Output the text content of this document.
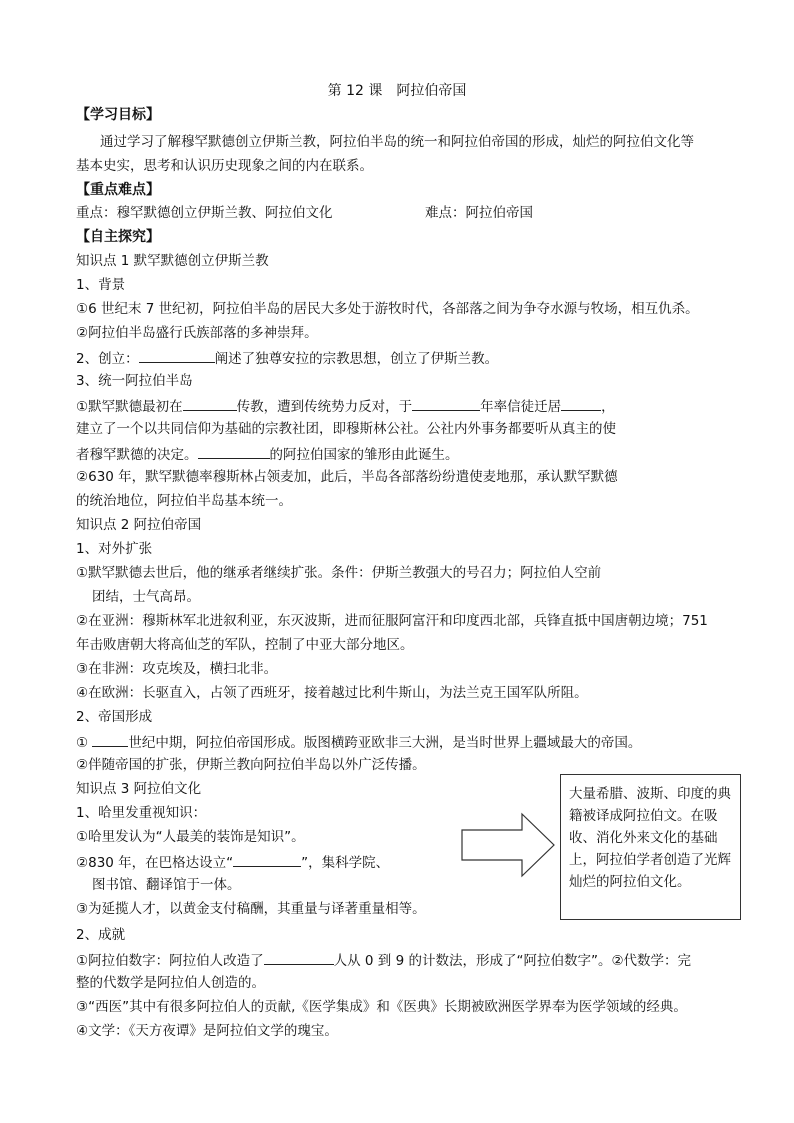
第 12 课　阿拉伯帝国
【学习目标】
通过学习了解穆罕默德创立伊斯兰教，阿拉伯半岛的统一和阿拉伯帝国的形成，灿烂的阿拉伯文化等
基本史实，思考和认识历史现象之间的内在联系。
【重点难点】
重点：穆罕默德创立伊斯兰教、阿拉伯文化	难点：阿拉伯帝国
【自主探究】
知识点 1 默罕默德创立伊斯兰教
1、背景
①6 世纪末 7 世纪初，阿拉伯半岛的居民大多处于游牧时代，各部落之间为争夺水源与牧场，相互仇杀。
②阿拉伯半岛盛行氏族部落的多神崇拜。
2、创立：	阐述了独尊安拉的宗教思想，创立了伊斯兰教。
3、统一阿拉伯半岛
①默罕默德最初在	传教，遭到传统势力反对，于	年率信徒迁居	，
建立了一个以共同信仰为基础的宗教社团，即穆斯林公社。公社内外事务都要听从真主的使
者穆罕默德的决定。	的阿拉伯国家的雏形由此诞生。
②630 年，默罕默德率穆斯林占领麦加，此后，半岛各部落纷纷遣使麦地那，承认默罕默德
的统治地位，阿拉伯半岛基本统一。
知识点 2 阿拉伯帝国
1、对外扩张
①默罕默德去世后，他的继承者继续扩张。条件：伊斯兰教强大的号召力；阿拉伯人空前
团结，士气高昂。
②在亚洲：穆斯林军北进叙利亚，东灭波斯，进而征服阿富汗和印度西北部，兵锋直抵中国唐朝边境；751
年击败唐朝大将高仙芝的军队，控制了中亚大部分地区。
③在非洲：攻克埃及，横扫北非。
④在欧洲：长驱直入，占领了西班牙，接着越过比利牛斯山，为法兰克王国军队所阻。
2、帝国形成
①	世纪中期，阿拉伯帝国形成。版图横跨亚欧非三大洲，是当时世界上疆域最大的帝国。
②伴随帝国的扩张，伊斯兰教向阿拉伯半岛以外广泛传播。
知识点 3 阿拉伯文化
1、哈里发重视知识：
①哈里发认为“人最美的装饰是知识”。
②830 年，在巴格达设立“	”，集科学院、
图书馆、翻译馆于一体。
③为延揽人才，以黄金支付稿酬，其重量与译著重量相等。
大量希腊、波斯、印度的典籍被译成阿拉伯文。在吸收、消化外来文化的基础上，阿拉伯学者创造了光辉灿烂的阿拉伯文化。
2、成就
①阿拉伯数字：阿拉伯人改造了	人从 0 到 9 的计数法，形成了“阿拉伯数字”。②代数学：完
整的代数学是阿拉伯人创造的。
③“西医”其中有很多阿拉伯人的贡献,《医学集成》和《医典》长期被欧洲医学界奉为医学领域的经典。
④文学：《天方夜谭》是阿拉伯文学的瑰宝。
